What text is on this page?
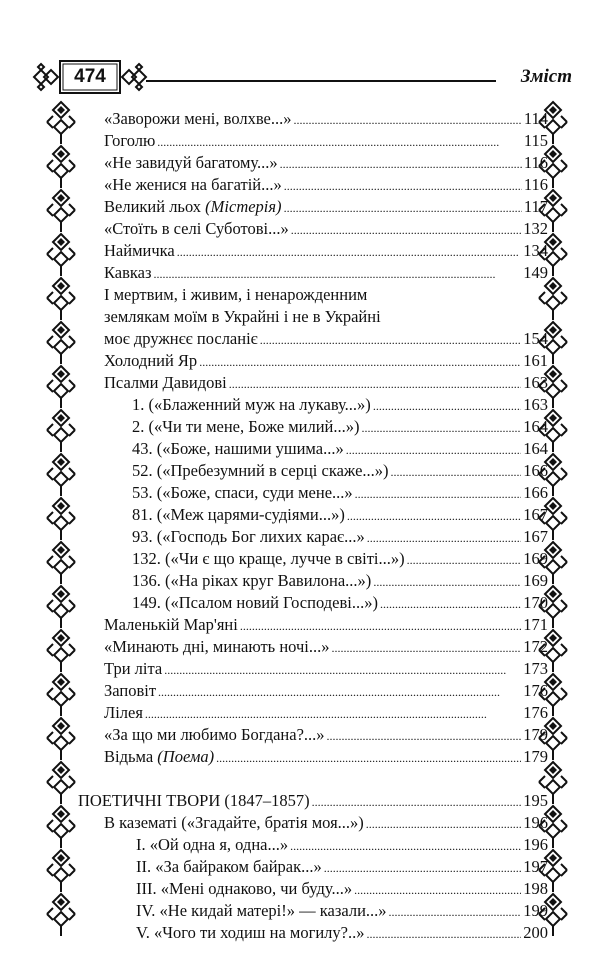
474	Зміст
«Заворожи мені, волхве...» . . .	114
Гоголю . . .	115
«Не завидуй багатому...» . . .	116
«Не женися на багатій...» . . .	116
Великий льох (Містерія) . . .	117
«Стоїть в селі Суботові...» . . .	132
Наймичка . . .	134
Кавказ . . .	149
І мертвим, і живим, і ненарожденним
землякам моїм в Украйні і не в Украйні
моє дружнєє посланіє . . .	154
Холодний Яр . . .	161
Псалми Давидові . . .	163
1. («Блаженний муж на лукаву...») . . .	163
2. («Чи ти мене, Боже милий...») . . .	164
43. («Боже, нашими ушима...» . . .	164
52. («Пребезумний в серці скаже...») . . .	166
53. («Боже, спаси, суди мене...» . . .	166
81. («Меж царями-судіями...») . . .	167
93. («Господь Бог лихих карає...» . . .	167
132. («Чи є що краще, лучче в світі...») . . .	169
136. («На ріках круг Вавилона...») . . .	169
149. («Псалом новий Господеві...») . . .	170
Маленькій Мар'яні . . .	171
«Минають дні, минають ночі...» . . .	172
Три літа . . .	173
Заповіт . . .	176
Лілея . . .	176
«За що ми любимо Богдана?...» . . .	179
Відьма (Поема) . . .	179
ПОЕТИЧНІ ТВОРИ (1847–1857) . . .	195
В казематі («Згадайте, братія моя...») . . .	196
I. «Ой одна я, одна...» . . .	196
II. «За байраком байрак...» . . .	197
III. «Мені однаково, чи буду...» . . .	198
IV. «Не кидай матері!» — казали...» . . .	199
V. «Чого ти ходиш на могилу?..» . . .	200
